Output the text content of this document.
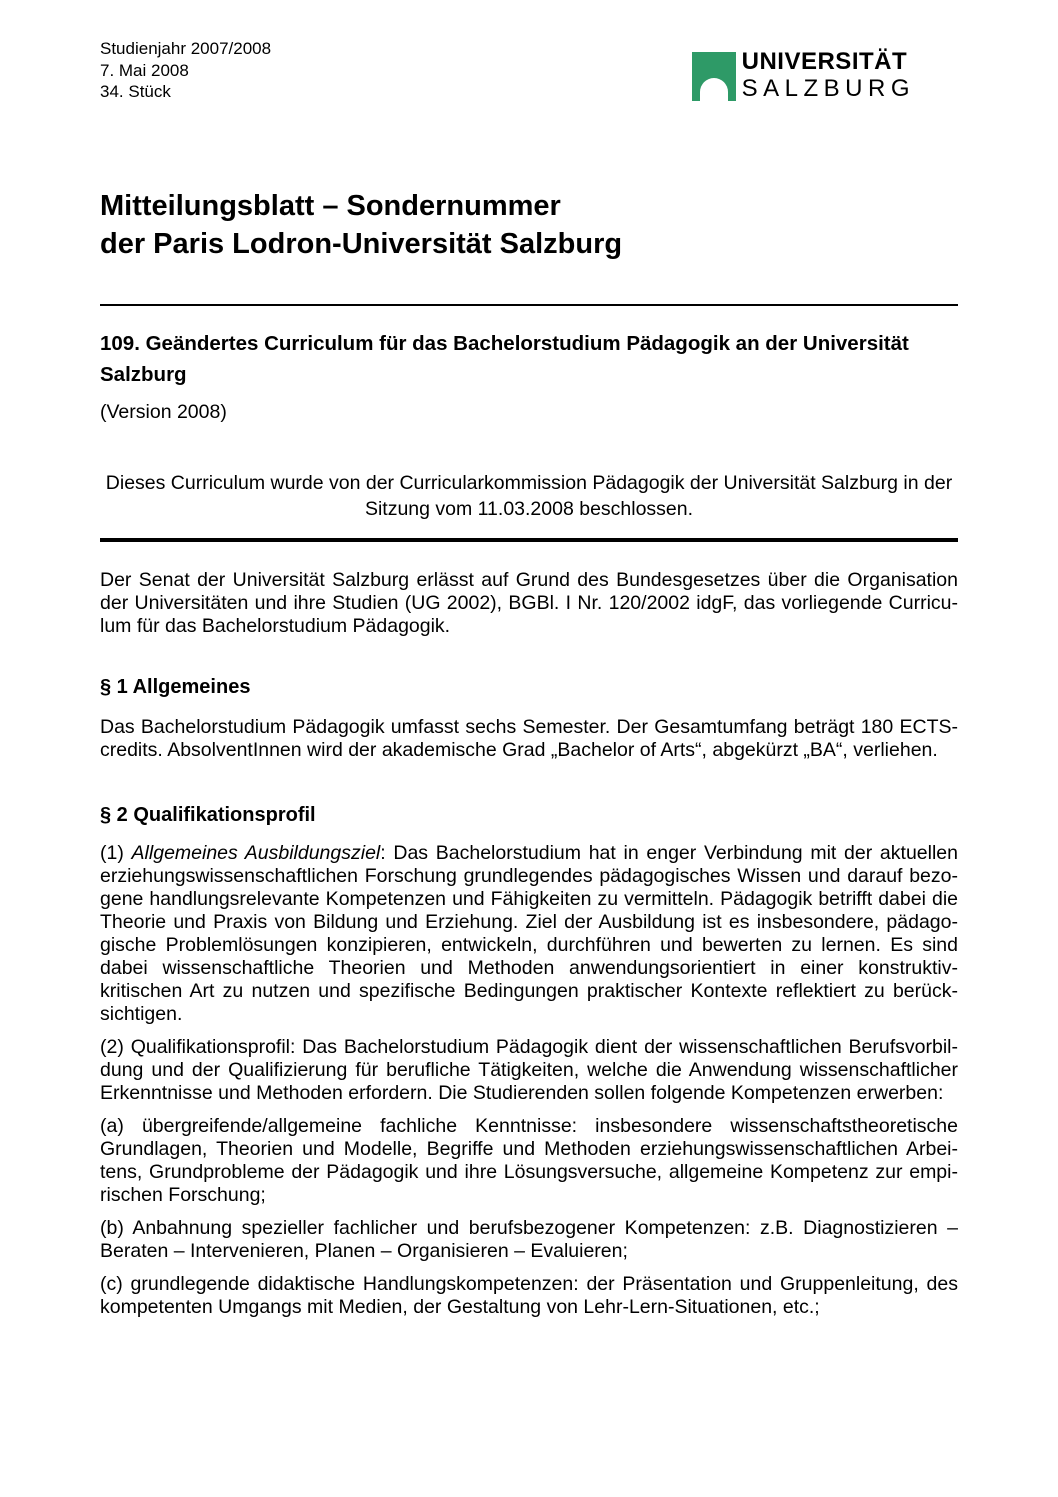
Studienjahr 2007/2008
7. Mai 2008
34. Stück
UNIVERSITÄT
SALZBURG
Mitteilungsblatt – Sondernummer
der Paris Lodron-Universität Salzburg
109. Geändertes Curriculum für das Bachelorstudium Pädagogik an der Universität Salzburg

(Version 2008)

Dieses Curriculum wurde von der Curricularkommission Pädagogik der Universität Salzburg in der Sitzung vom 11.03.2008 beschlossen.

Der Senat der Universität Salzburg erlässt auf Grund des Bundesgesetzes über die Organisation der Universitäten und ihre Studien (UG 2002), BGBl. I Nr. 120/2002 idgF, das vorliegende Curriculum für das Bachelorstudium Pädagogik.

§ 1 Allgemeines

Das Bachelorstudium Pädagogik umfasst sechs Semester. Der Gesamtumfang beträgt 180 ECTS-credits. AbsolventInnen wird der akademische Grad „Bachelor of Arts“, abgekürzt „BA“, verliehen.

§ 2 Qualifikationsprofil

(1) Allgemeines Ausbildungsziel: Das Bachelorstudium hat in enger Verbindung mit der aktuellen erziehungswissenschaftlichen Forschung grundlegendes pädagogisches Wissen und darauf bezogene handlungsrelevante Kompetenzen und Fähigkeiten zu vermitteln. Pädagogik betrifft dabei die Theorie und Praxis von Bildung und Erziehung. Ziel der Ausbildung ist es insbesondere, pädagogische Problemlösungen konzipieren, entwickeln, durchführen und bewerten zu lernen. Es sind dabei wissenschaftliche Theorien und Methoden anwendungsorientiert in einer konstruktiv-kritischen Art zu nutzen und spezifische Bedingungen praktischer Kontexte reflektiert zu berücksichtigen.

(2) Qualifikationsprofil: Das Bachelorstudium Pädagogik dient der wissenschaftlichen Berufsvorbildung und der Qualifizierung für berufliche Tätigkeiten, welche die Anwendung wissenschaftlicher Erkenntnisse und Methoden erfordern. Die Studierenden sollen folgende Kompetenzen erwerben:

(a) übergreifende/allgemeine fachliche Kenntnisse: insbesondere wissenschaftstheoretische Grundlagen, Theorien und Modelle, Begriffe und Methoden erziehungswissenschaftlichen Arbeitens, Grundprobleme der Pädagogik und ihre Lösungsversuche, allgemeine Kompetenz zur empirischen Forschung;

(b) Anbahnung spezieller fachlicher und berufsbezogener Kompetenzen: z.B. Diagnostizieren – Beraten – Intervenieren, Planen – Organisieren – Evaluieren;

(c) grundlegende didaktische Handlungskompetenzen: der Präsentation und Gruppenleitung, des kompetenten Umgangs mit Medien, der Gestaltung von Lehr-Lern-Situationen, etc.;
